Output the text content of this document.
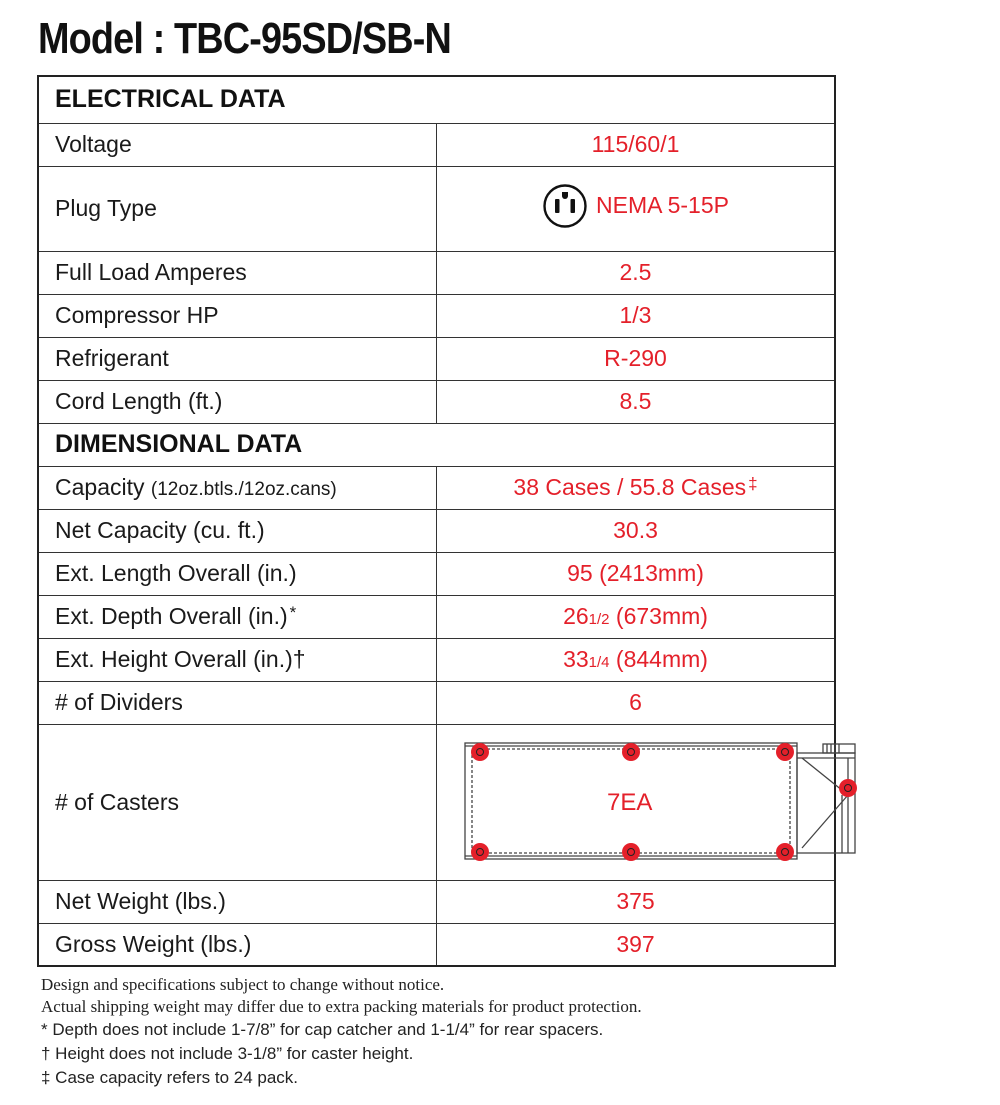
Model : TBC-95SD/SB-N
ELECTRICAL DATA	
Voltage	115/60/1
Plug Type	NEMA 5-15P

Full Load Amperes	2.5
Compressor HP	1/3
Refrigerant	R-290
Cord Length (ft.)	8.5
DIMENSIONAL DATA	
Capacity (12oz.btls./12oz.cans)	38 Cases / 55.8 Cases ‡
Net Capacity (cu. ft.)	30.3
Ext. Length Overall (in.)	95 (2413mm)
Ext. Depth Overall (in.) *	261/2 (673mm)
Ext. Height Overall (in.)†	331/4 (844mm)
# of Dividers	6
# of Casters	7EA

Net Weight (lbs.)	375
Gross Weight (lbs.)	397

Design and specifications subject to change without notice.

Actual shipping weight may differ due to extra packing materials for product protection.

* Depth does not include 1-7/8” for cap catcher and 1-1/4” for rear spacers.

† Height does not include 3-1/8” for caster height.

‡ Case capacity refers to 24 pack.
